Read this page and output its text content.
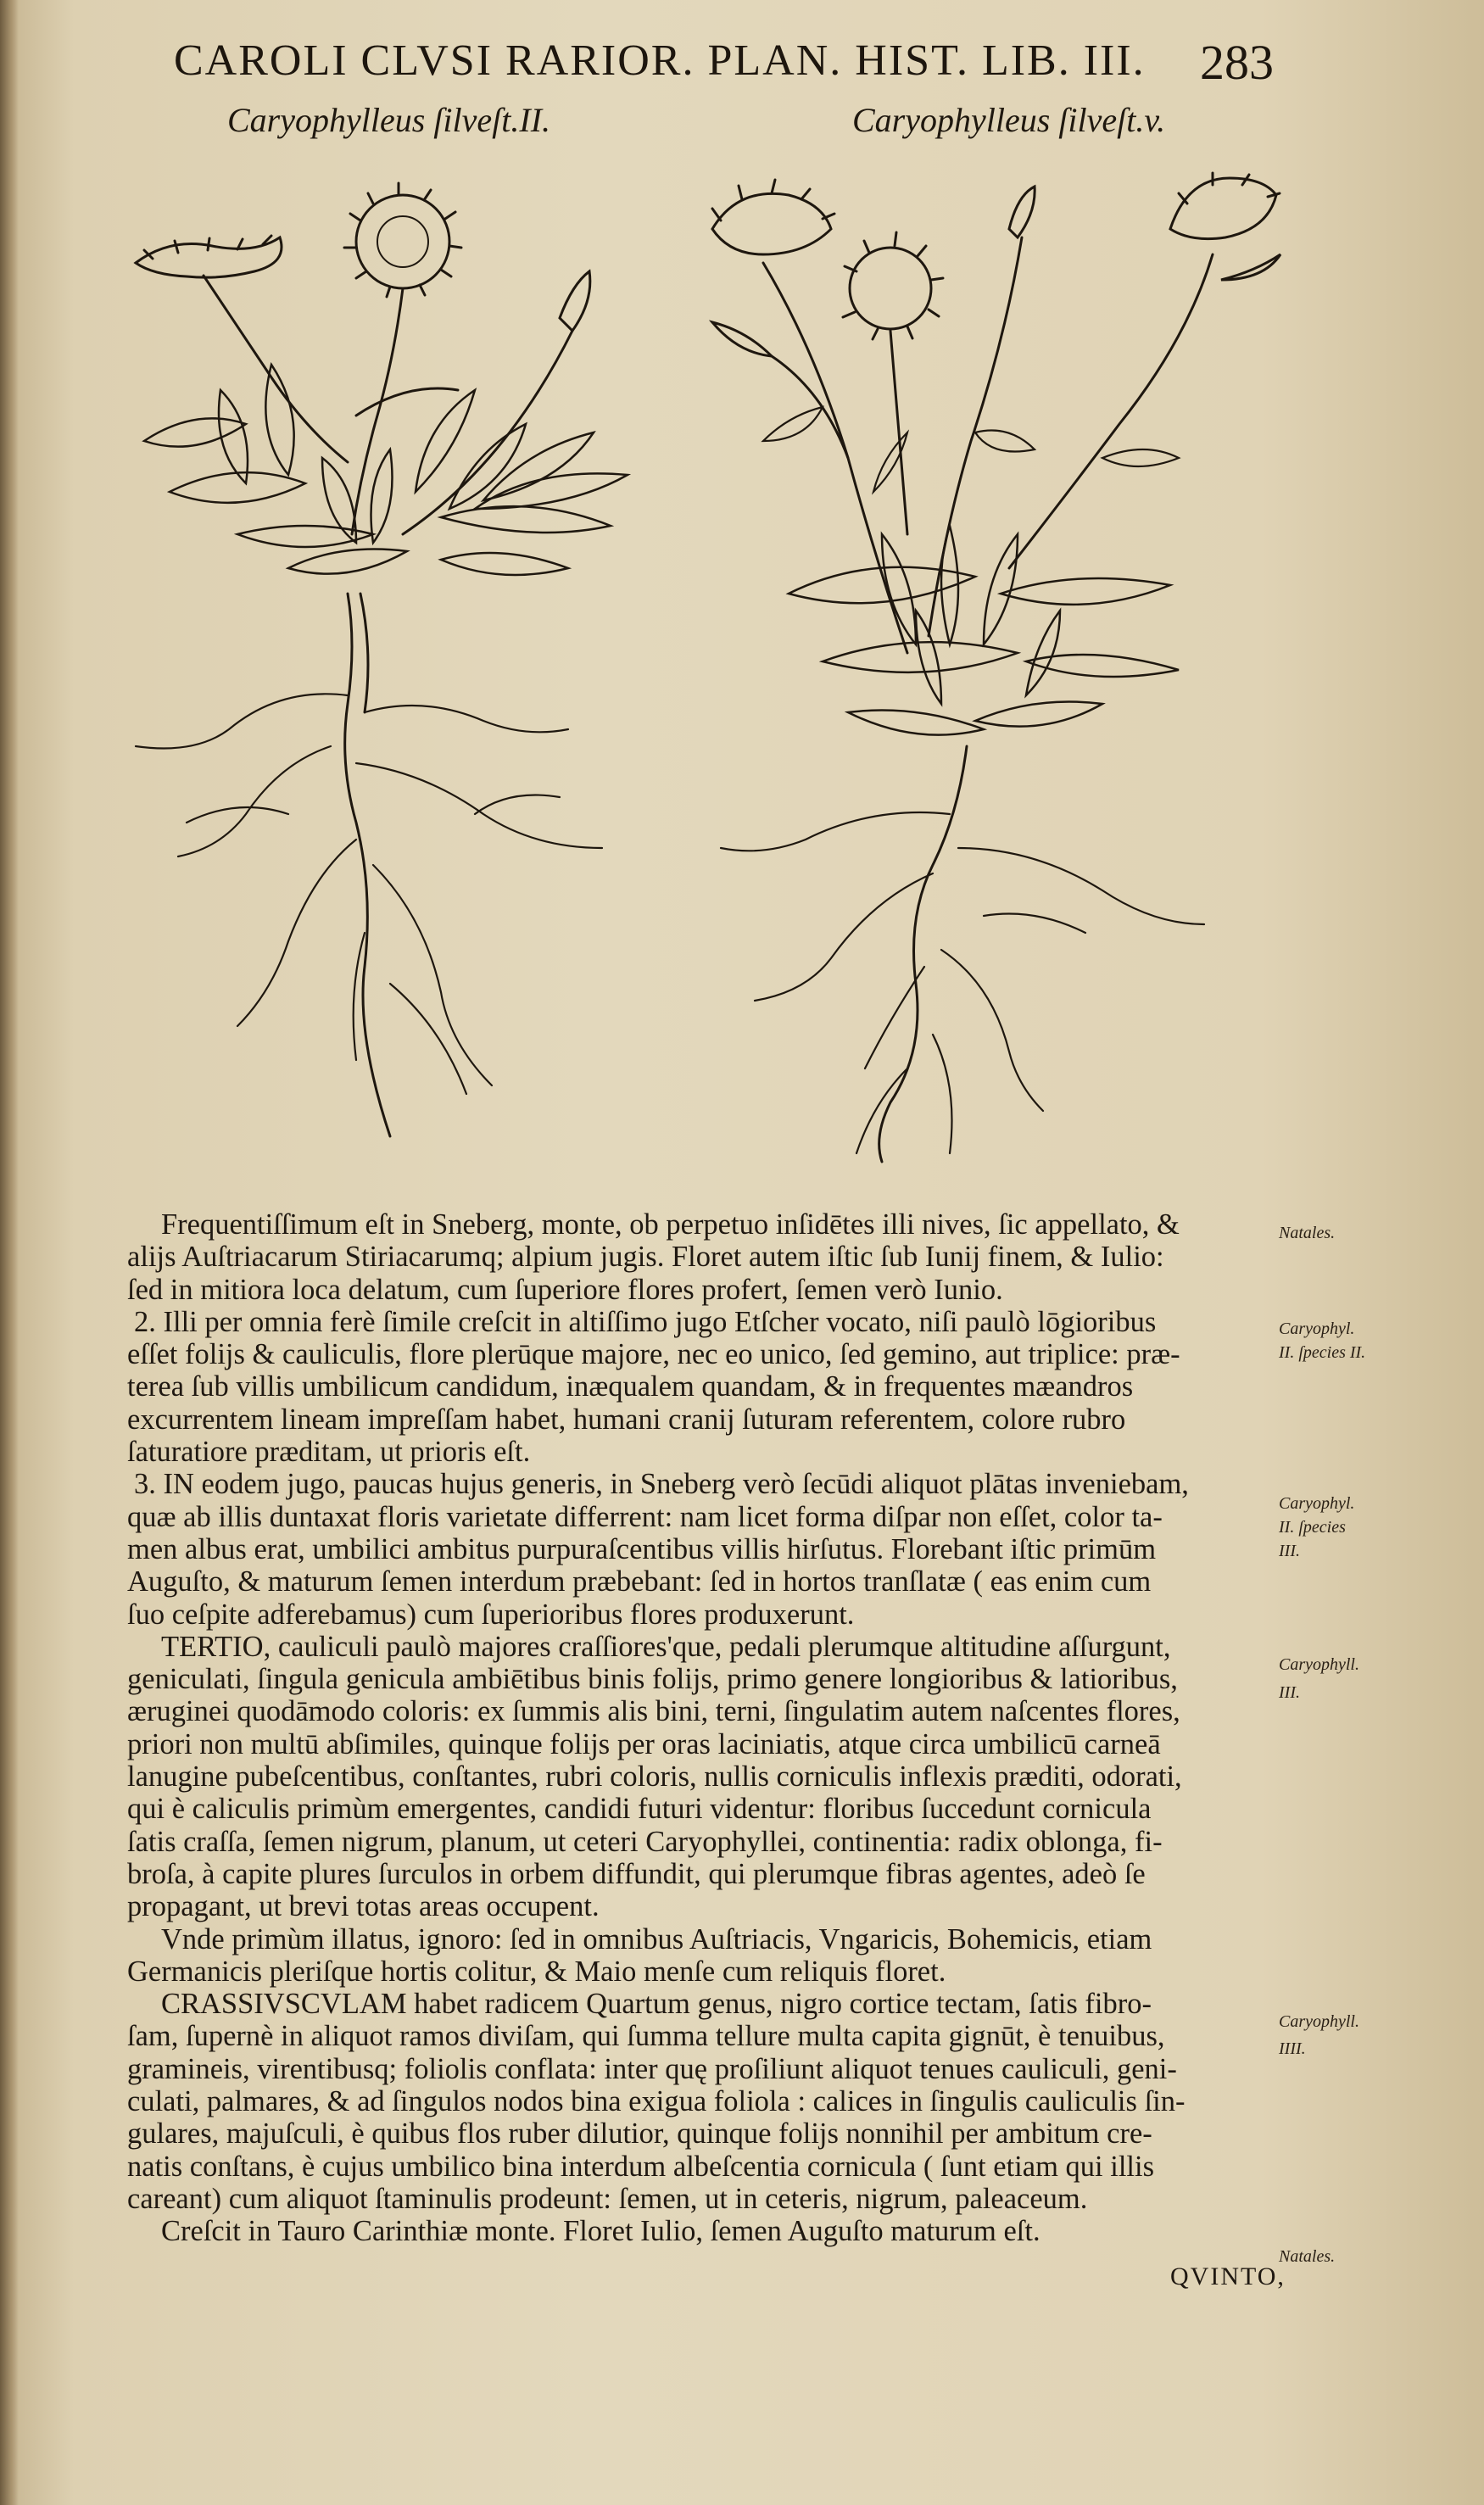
CAROLI CLVSI RARIOR. PLAN. HIST. LIB. III.	283
Caryophylleus ſilveſt.II.	Caryophylleus ſilveſt.v.
Frequentiſſimum eſt in Sneberg, monte, ob perpetuo inſidētes illi nives, ſic appellato, &
alijs Auſtriacarum Stiriacarumq; alpium jugis. Floret autem iſtic ſub Iunij finem, & Iulio:
ſed in mitiora loca delatum, cum ſuperiore flores profert, ſemen verò Iunio.
2. Illi per omnia ferè ſimile creſcit in altiſſimo jugo Etſcher vocato, niſi paulò lōgioribus
eſſet folijs & cauliculis, flore plerūque majore, nec eo unico, ſed gemino, aut triplice: præ-
terea ſub villis umbilicum candidum, inæqualem quandam, & in frequentes mæandros
excurrentem lineam impreſſam habet, humani cranij ſuturam referentem, colore rubro
ſaturatiore præditam, ut prioris eſt.
3. IN eodem jugo, paucas hujus generis, in Sneberg verò ſecūdi aliquot plātas inveniebam,
quæ ab illis duntaxat floris varietate differrent: nam licet forma diſpar non eſſet, color ta-
men albus erat, umbilici ambitus purpuraſcentibus villis hirſutus. Florebant iſtic primūm
Auguſto, & maturum ſemen interdum præbebant: ſed in hortos tranſlatæ ( eas enim cum
ſuo ceſpite adferebamus) cum ſuperioribus flores produxerunt.
TERTIO, cauliculi paulò majores craſſiores'que, pedali plerumque altitudine aſſurgunt,
geniculati, ſingula genicula ambiētibus binis folijs, primo genere longioribus & latioribus,
æruginei quodāmodo coloris: ex ſummis alis bini, terni, ſingulatim autem naſcentes flores,
priori non multū abſimiles, quinque folijs per oras laciniatis, atque circa umbilicū carneā
lanugine pubeſcentibus, conſtantes, rubri coloris, nullis corniculis inflexis præditi, odorati,
qui è caliculis primùm emergentes, candidi futuri videntur: floribus ſuccedunt cornicula
ſatis craſſa, ſemen nigrum, planum, ut ceteri Caryophyllei, continentia: radix oblonga, fi-
broſa, à capite plures ſurculos in orbem diffundit, qui plerumque fibras agentes, adeò ſe
propagant, ut brevi totas areas occupent.
Vnde primùm illatus, ignoro: ſed in omnibus Auſtriacis, Vngaricis, Bohemicis, etiam
Germanicis pleriſque hortis colitur, & Maio menſe cum reliquis floret.
CRASSIVSCVLAM habet radicem Quartum genus, nigro cortice tectam, ſatis fibro-
ſam, ſupernè in aliquot ramos diviſam, qui ſumma tellure multa capita gignūt, è tenuibus,
gramineis, virentibusq; foliolis conflata: inter quę proſiliunt aliquot tenues cauliculi, geni-
culati, palmares, & ad ſingulos nodos bina exigua foliola : calices in ſingulis cauliculis ſin-
gulares, majuſculi, è quibus flos ruber dilutior, quinque folijs nonnihil per ambitum cre-
natis conſtans, è cujus umbilico bina interdum albeſcentia cornicula ( ſunt etiam qui illis
careant) cum aliquot ſtaminulis prodeunt: ſemen, ut in ceteris, nigrum, paleaceum.
Creſcit in Tauro Carinthiæ monte. Floret Iulio, ſemen Auguſto maturum eſt.
Natales.
Caryophyl.
II. ſpecies II.
Caryophyl.
II. ſpecies
III.
Caryophyll.
III.
Caryophyll.
IIII.
Natales.
QVINTO,
